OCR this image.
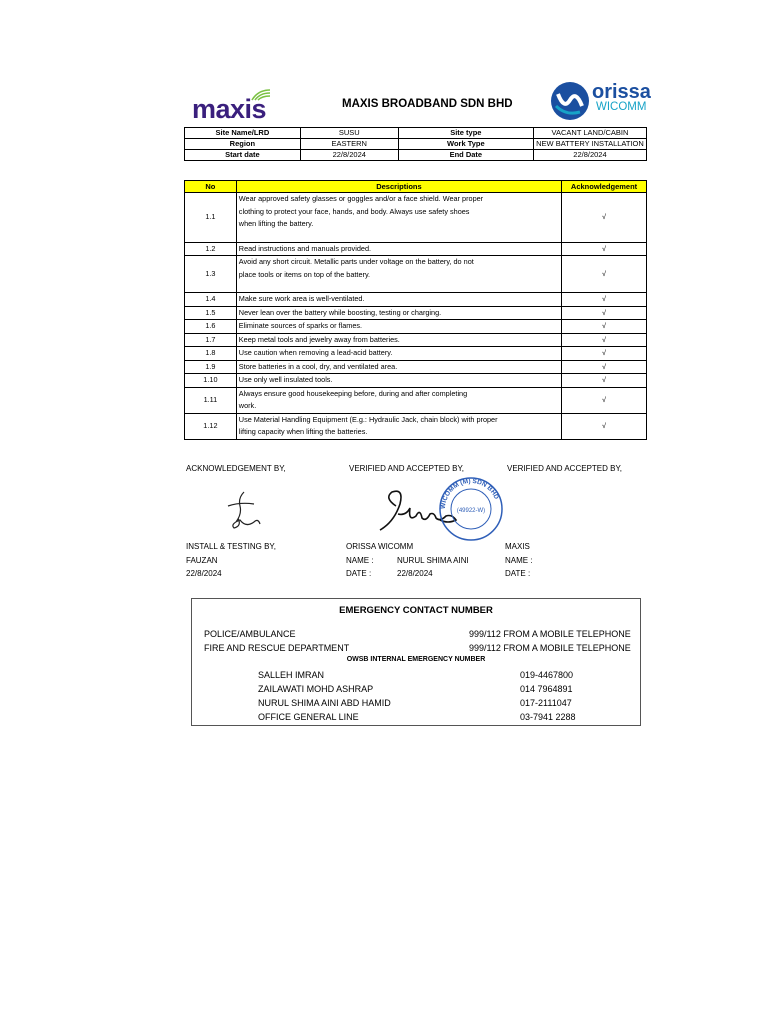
maxis	MAXIS BROADBAND SDN BHD
orissa
WICOMM
Site Name/LRD	SUSU	Site type	VACANT LAND/CABIN
Region	EASTERN	Work Type	NEW BATTERY INSTALLATION
Start date	22/8/2024	End Date	22/8/2024
No	Descriptions	Acknowledgement
1.1	Wear approved safety glasses or goggles and/or a face shield. Wear proper
clothing to protect your face, hands, and body. Always use safety shoes
when lifting the battery.	√
1.2	Read instructions and manuals provided.	√
1.3	Avoid any short circuit. Metallic parts under voltage on the battery, do not
place tools or items on top of the battery.	√
1.4	Make sure work area is well-ventilated.	√
1.5	Never lean over the battery while boosting, testing or charging.	√
1.6	Eliminate sources of sparks or flames.	√
1.7	Keep metal tools and jewelry away from batteries.	√
1.8	Use caution when removing a lead-acid battery.	√
1.9	Store batteries in a cool, dry, and ventilated area.	√
1.10	Use only well insulated tools.	√
1.11	Always ensure good housekeeping before, during and after completing
work.	√
1.12	Use Material Handling Equipment (E.g.: Hydraulic Jack, chain block) with proper
lifting capacity when lifting the batteries.	√
ACKNOWLEDGEMENT BY,	VERIFIED AND ACCEPTED BY,	VERIFIED AND ACCEPTED BY,
WICOMM (M) SDN BHD
(49922-W)
INSTALL & TESTING BY,
FAUZAN
22/8/2024
ORISSA WICOMM
NAME :	NURUL SHIMA AINI
DATE :	22/8/2024
MAXIS
NAME :
DATE :
EMERGENCY CONTACT NUMBER
POLICE/AMBULANCE	999/112 FROM A MOBILE TELEPHONE
FIRE AND RESCUE DEPARTMENT	999/112 FROM A MOBILE TELEPHONE
OWSB INTERNAL EMERGENCY NUMBER
SALLEH IMRAN	019-4467800
ZAILAWATI MOHD ASHRAP	014 7964891
NURUL SHIMA AINI ABD HAMID	017-2111047
OFFICE GENERAL LINE	03-7941 2288
